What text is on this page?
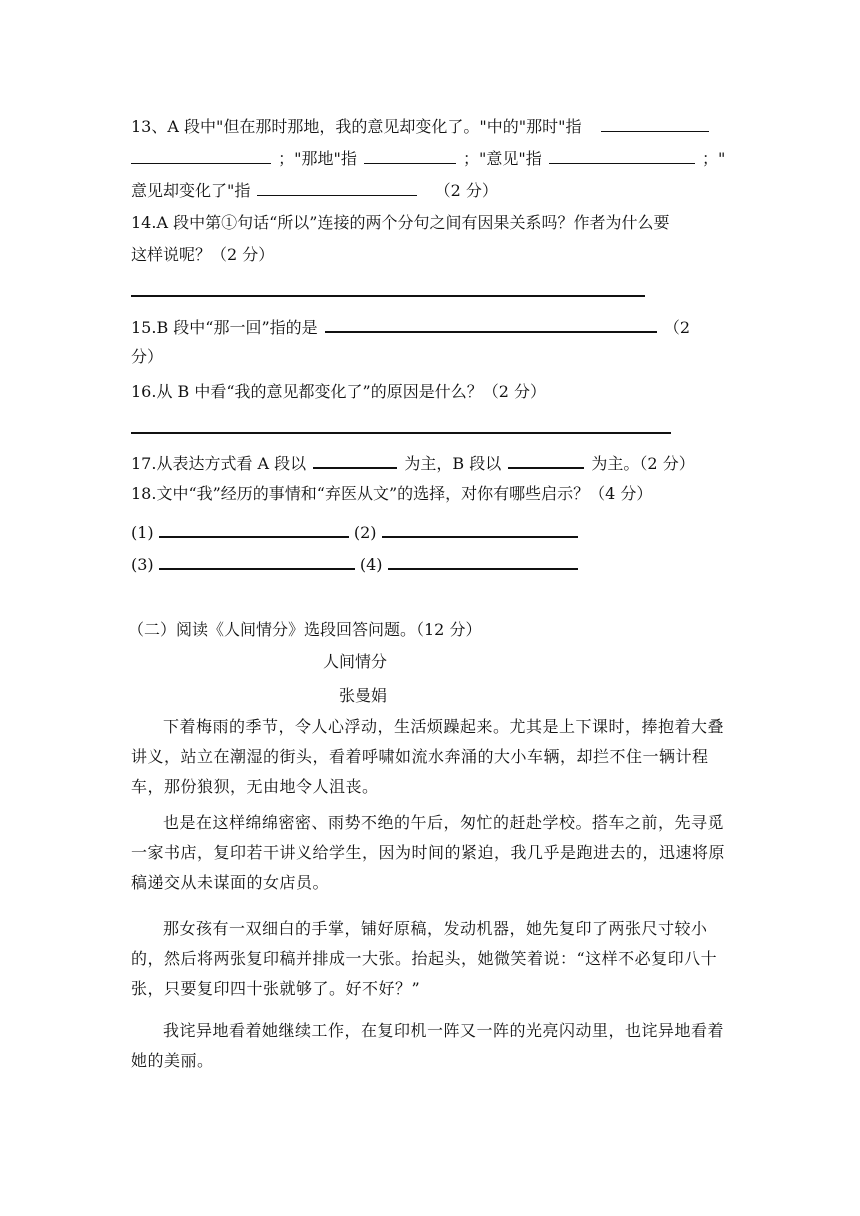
13、A 段中"但在那时那地，我的意见却变化了。"中的"那时"指
；"那地"指	；"意见"指	；"
意见却变化了"指	（2 分）
14.A 段中第①句话“所以”连接的两个分句之间有因果关系吗？作者为什么要
这样说呢？（2 分）
15.B 段中“那一回”指的是	（2
分）
16.从 B 中看“我的意见都变化了”的原因是什么？（2 分）
17.从表达方式看 A 段以	为主，B 段以	为主。（2 分）
18.文中“我”经历的事情和“弃医从文”的选择，对你有哪些启示？（4 分）
(1)	(2)
(3)	(4)
（二）阅读《人间情分》选段回答问题。（12 分）
人间情分
张曼娟
下着梅雨的季节，令人心浮动，生活烦躁起来。尤其是上下课时，捧抱着大叠讲义，站立在潮湿的街头，看着呼啸如流水奔涌的大小车辆，却拦不住一辆计程车，那份狼狈，无由地令人沮丧。
也是在这样绵绵密密、雨势不绝的午后，匆忙的赶赴学校。搭车之前，先寻觅一家书店，复印若干讲义给学生，因为时间的紧迫，我几乎是跑进去的，迅速将原稿递交从未谋面的女店员。
那女孩有一双细白的手掌，铺好原稿，发动机器，她先复印了两张尺寸较小的，然后将两张复印稿并排成一大张。抬起头，她微笑着说：“这样不必复印八十张，只要复印四十张就够了。好不好？”
我诧异地看着她继续工作，在复印机一阵又一阵的光亮闪动里，也诧异地看着她的美丽。
